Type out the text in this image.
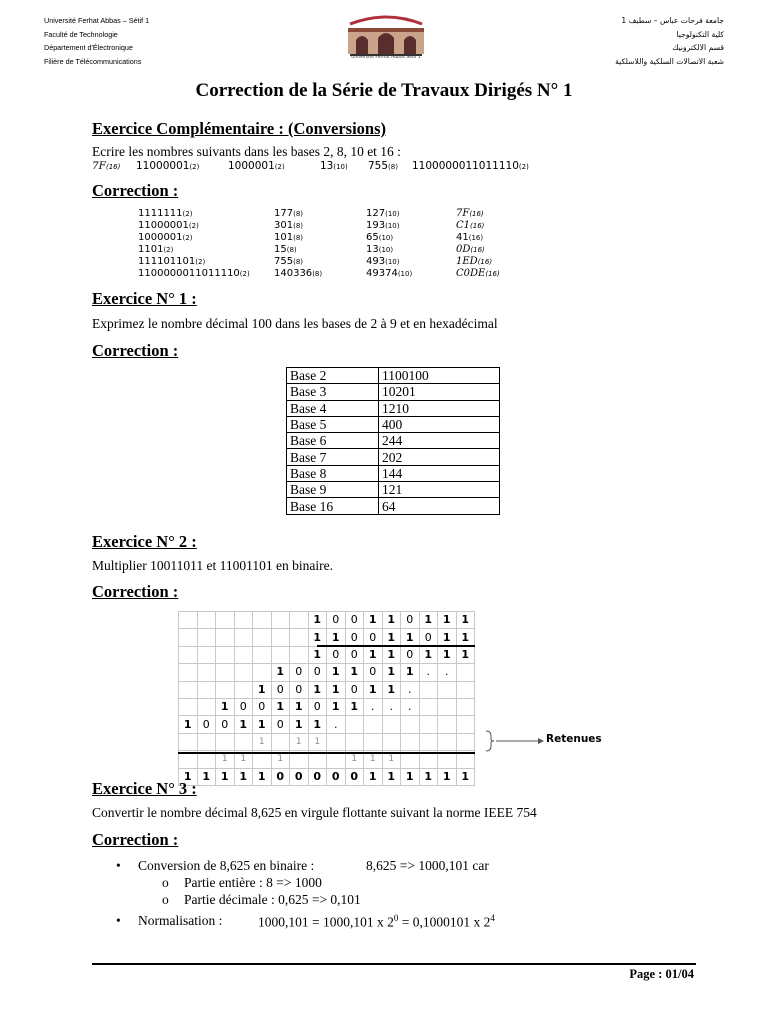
Université Ferhat Abbas – Sétif 1
Faculté de Technologie
Département d'Électronique
Filière de Télécommunications	Université Ferhat Abbas Sétif 1
جامعة فرحات عباس – سطيف 1
كلية التكنولوجيا
قسم الالكترونيك
شعبة الاتصالات السلكية واللاسلكية
Correction de la Série de Travaux Dirigés N° 1
Exercice Complémentaire : (Conversions)
Ecrire les nombres suivants dans les bases 2, 8, 10 et 16 :
7F(16) 11000001(2)	1000001(2)	13(10) 755(8) 1100000011011110(2)
Correction :
1111111(2)	177(8)	127(10)	7F(16)
11000001(2)	301(8)	193(10)	C1(16)
1000001(2)	101(8)	65(10)	41(16)
1101(2)	15(8)	13(10)	0D(16)
111101101(2)	755(8)	493(10)	1ED(16)
1100000011011110(2) 140336(8)	49374(10)	C0DE(16)
Exercice N° 1 :
Exprimez le nombre décimal 100 dans les bases de 2 à 9 et en hexadécimal
Correction :
Base 2	1100100
Base 3	10201
Base 4	1210
Base 5	400
Base 6	244
Base 7	202
Base 8	144
Base 9	121
Base 16	64
Exercice N° 2 :
Multiplier 10011011 et 11001101 en binaire.
Correction :
							1	0	0	1	1	0	1	1	1
							1	1	0	0	1	1	0	1	1
							1	0	0	1	1	0	1	1	1
					1	0	0	1	1	0	1	1	.	.	
				1	0	0	1	1	0	1	1	.			
		1	0	0	1	1	0	1	1	.	.	.			
1	0	0	1	1	0	1	1	.							
				1		1	1								
		1	1		1				1	1	1				
1	1	1	1	1	0	0	0	0	0	1	1	1	1	1	1
Retenues
Exercice N° 3 :
Convertir le nombre décimal 8,625 en virgule flottante suivant la norme IEEE 754
Correction :
• Conversion de 8,625 en binaire :	8,625 => 1000,101 car
o Partie entière : 8 => 1000
o Partie décimale : 0,625 => 0,101
• Normalisation :	1000,101 = 1000,101 x $2^0 = 0,1000101$ x $2^4$
Page : 01/04
